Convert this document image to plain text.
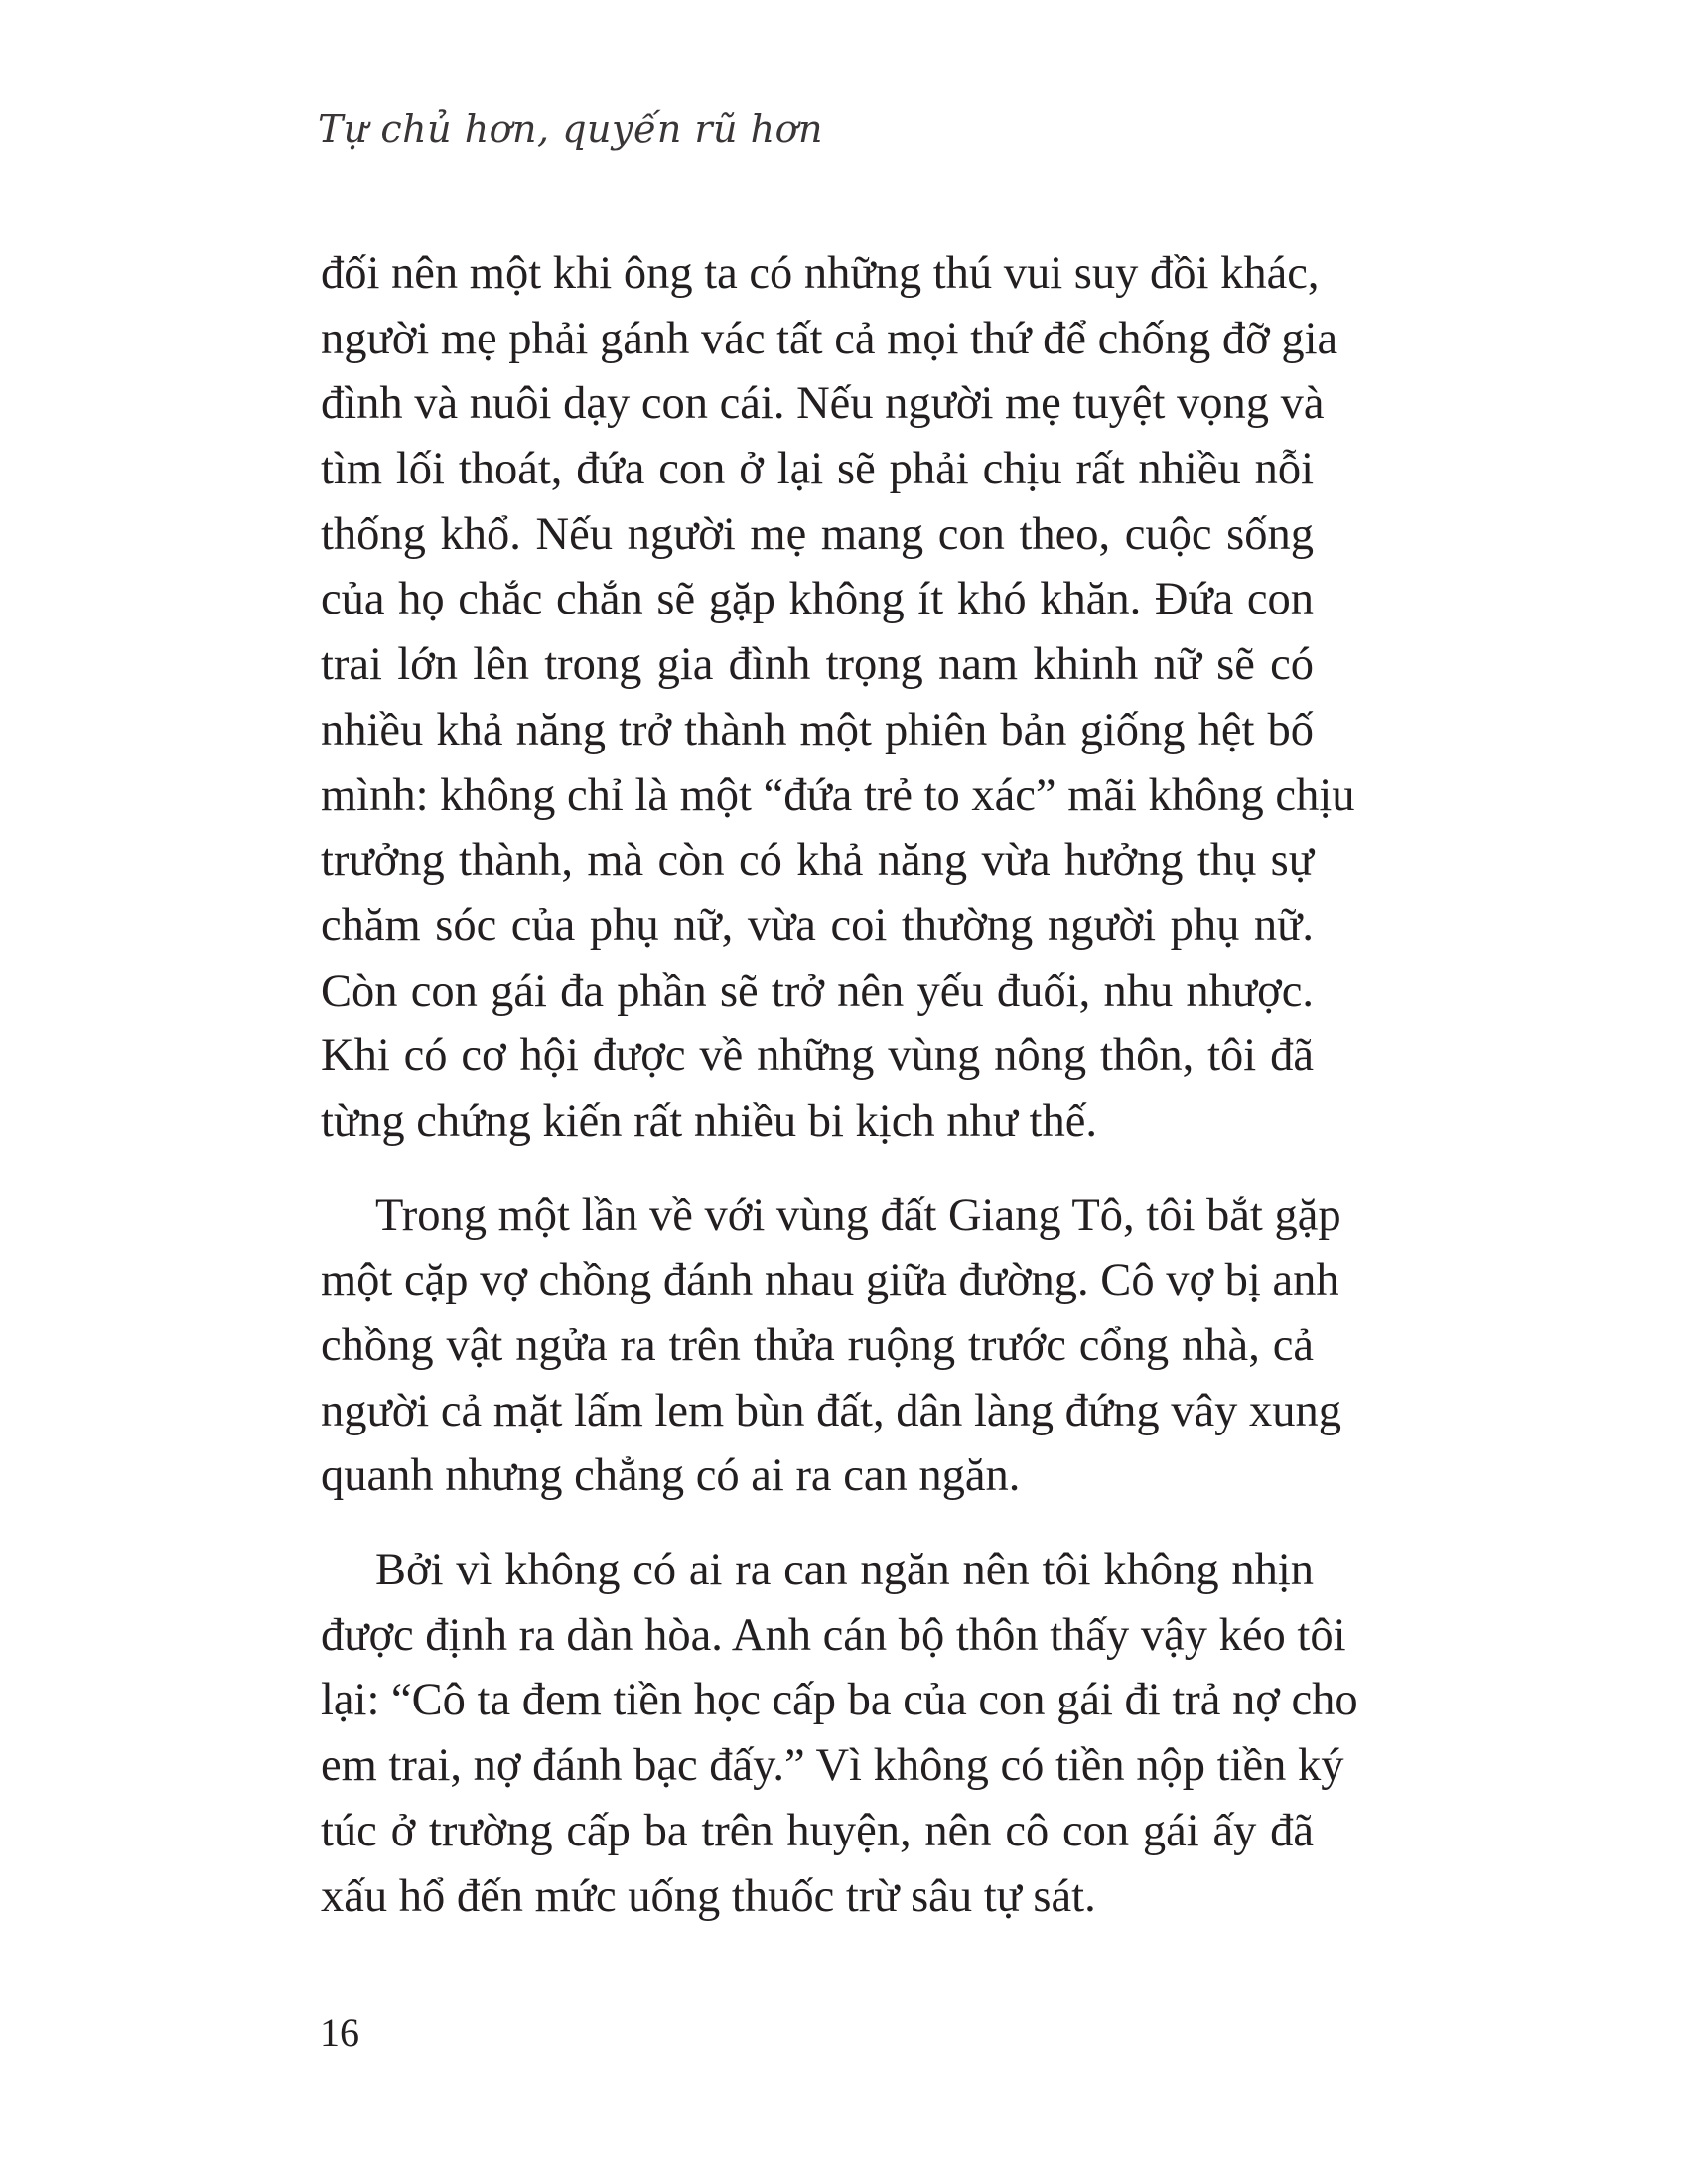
Tự chủ hơn, quyến rũ hơn
đối nên một khi ông ta có những thú vui suy đồi khác,
người mẹ phải gánh vác tất cả mọi thứ để chống đỡ gia
đình và nuôi dạy con cái. Nếu người mẹ tuyệt vọng và
tìm lối thoát, đứa con ở lại sẽ phải chịu rất nhiều nỗi
thống khổ. Nếu người mẹ mang con theo, cuộc sống
của họ chắc chắn sẽ gặp không ít khó khăn. Đứa con
trai lớn lên trong gia đình trọng nam khinh nữ sẽ có
nhiều khả năng trở thành một phiên bản giống hệt bố
mình: không chỉ là một “đứa trẻ to xác” mãi không chịu
trưởng thành, mà còn có khả năng vừa hưởng thụ sự
chăm sóc của phụ nữ, vừa coi thường người phụ nữ.
Còn con gái đa phần sẽ trở nên yếu đuối, nhu nhược.
Khi có cơ hội được về những vùng nông thôn, tôi đã
từng chứng kiến rất nhiều bi kịch như thế.
Trong một lần về với vùng đất Giang Tô, tôi bắt gặp
một cặp vợ chồng đánh nhau giữa đường. Cô vợ bị anh
chồng vật ngửa ra trên thửa ruộng trước cổng nhà, cả
người cả mặt lấm lem bùn đất, dân làng đứng vây xung
quanh nhưng chẳng có ai ra can ngăn.
Bởi vì không có ai ra can ngăn nên tôi không nhịn
được định ra dàn hòa. Anh cán bộ thôn thấy vậy kéo tôi
lại: “Cô ta đem tiền học cấp ba của con gái đi trả nợ cho
em trai, nợ đánh bạc đấy.” Vì không có tiền nộp tiền ký
túc ở trường cấp ba trên huyện, nên cô con gái ấy đã
xấu hổ đến mức uống thuốc trừ sâu tự sát.
16
